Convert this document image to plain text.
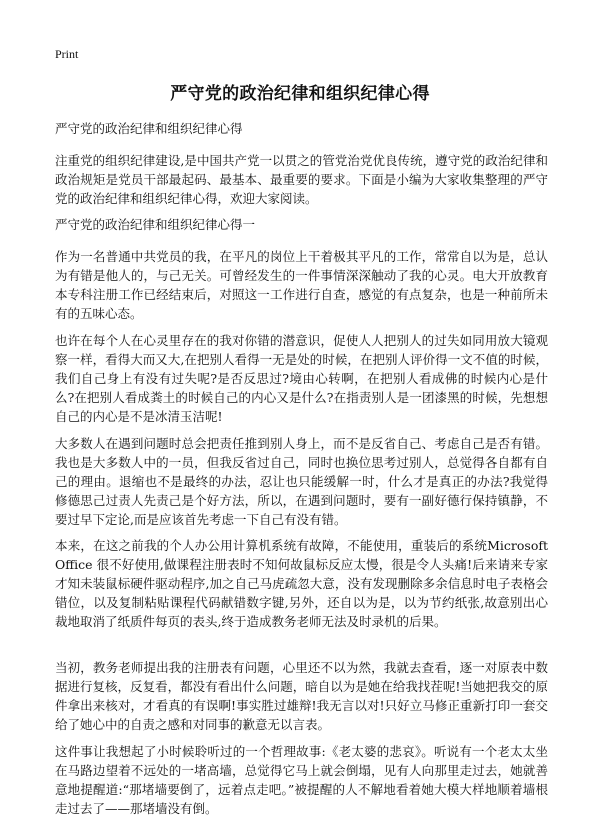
Print
严守党的政治纪律和组织纪律心得

严守党的政治纪律和组织纪律心得

注重党的组织纪律建设,是中国共产党一以贯之的管党治党优良传统，遵守党的政治纪律和政治规矩是党员干部最起码、最基本、最重要的要求。下面是小编为大家收集整理的严守党的政治纪律和组织纪律心得，欢迎大家阅读。

严守党的政治纪律和组织纪律心得一

作为一名普通中共党员的我，在平凡的岗位上干着极其平凡的工作，常常自以为是，总认为有错是他人的，与己无关。可曾经发生的一件事情深深触动了我的心灵。电大开放教育本专科注册工作已经结束后，对照这一工作进行自查，感觉的有点复杂，也是一种前所未有的五味心态。

也许在每个人在心灵里存在的我对你错的潜意识，促使人人把别人的过失如同用放大镜观察一样，看得大而又大,在把别人看得一无是处的时候，在把别人评价得一文不值的时候，我们自己身上有没有过失呢?是否反思过?境由心转啊，在把别人看成佛的时候内心是什么?在把别人看成粪土的时候自己的内心又是什么?在指责别人是一团漆黑的时候，先想想自己的内心是不是冰清玉洁呢!

大多数人在遇到问题时总会把责任推到别人身上，而不是反省自己、考虑自己是否有错。我也是大多数人中的一员，但我反省过自己，同时也换位思考过别人，总觉得各自都有自己的理由。退缩也不是最终的办法，忍让也只能缓解一时，什么才是真正的办法?我觉得修德思己过责人先责己是个好方法，所以，在遇到问题时，要有一副好德行保持镇静，不要过早下定论,而是应该首先考虑一下自己有没有错。

本来，在这之前我的个人办公用计算机系统有故障，不能使用，重装后的系统Microsoft Office 很不好使用,做课程注册表时不知何故鼠标反应太慢，很是令人头痛!后来请来专家才知未装鼠标硬件驱动程序,加之自己马虎疏忽大意，没有发现删除多余信息时电子表格会错位，以及复制粘贴课程代码献错数字键,另外，还自以为是，以为节约纸张,故意别出心裁地取消了纸质件每页的表头,终于造成教务老师无法及时录机的后果。

当初，教务老师提出我的注册表有问题，心里还不以为然，我就去查看，逐一对原表中数据进行复核，反复看，都没有看出什么问题，暗自以为是她在给我找茬呢!当她把我交的原件拿出来核对，才看真的有误啊!事实胜过雄辩!我无言以对!只好立马修正重新打印一套交给了她心中的自责之感和对同事的歉意无以言表。

这件事让我想起了小时候聆听过的一个哲理故事:《老太婆的悲哀》。听说有一个老太太坐在马路边望着不远处的一堵高墙，总觉得它马上就会倒塌，见有人向那里走过去，她就善意地提醒道:“那堵墙要倒了，远着点走吧。”被提醒的人不解地看着她大模大样地顺着墙根走过去了——那堵墙没有倒。
